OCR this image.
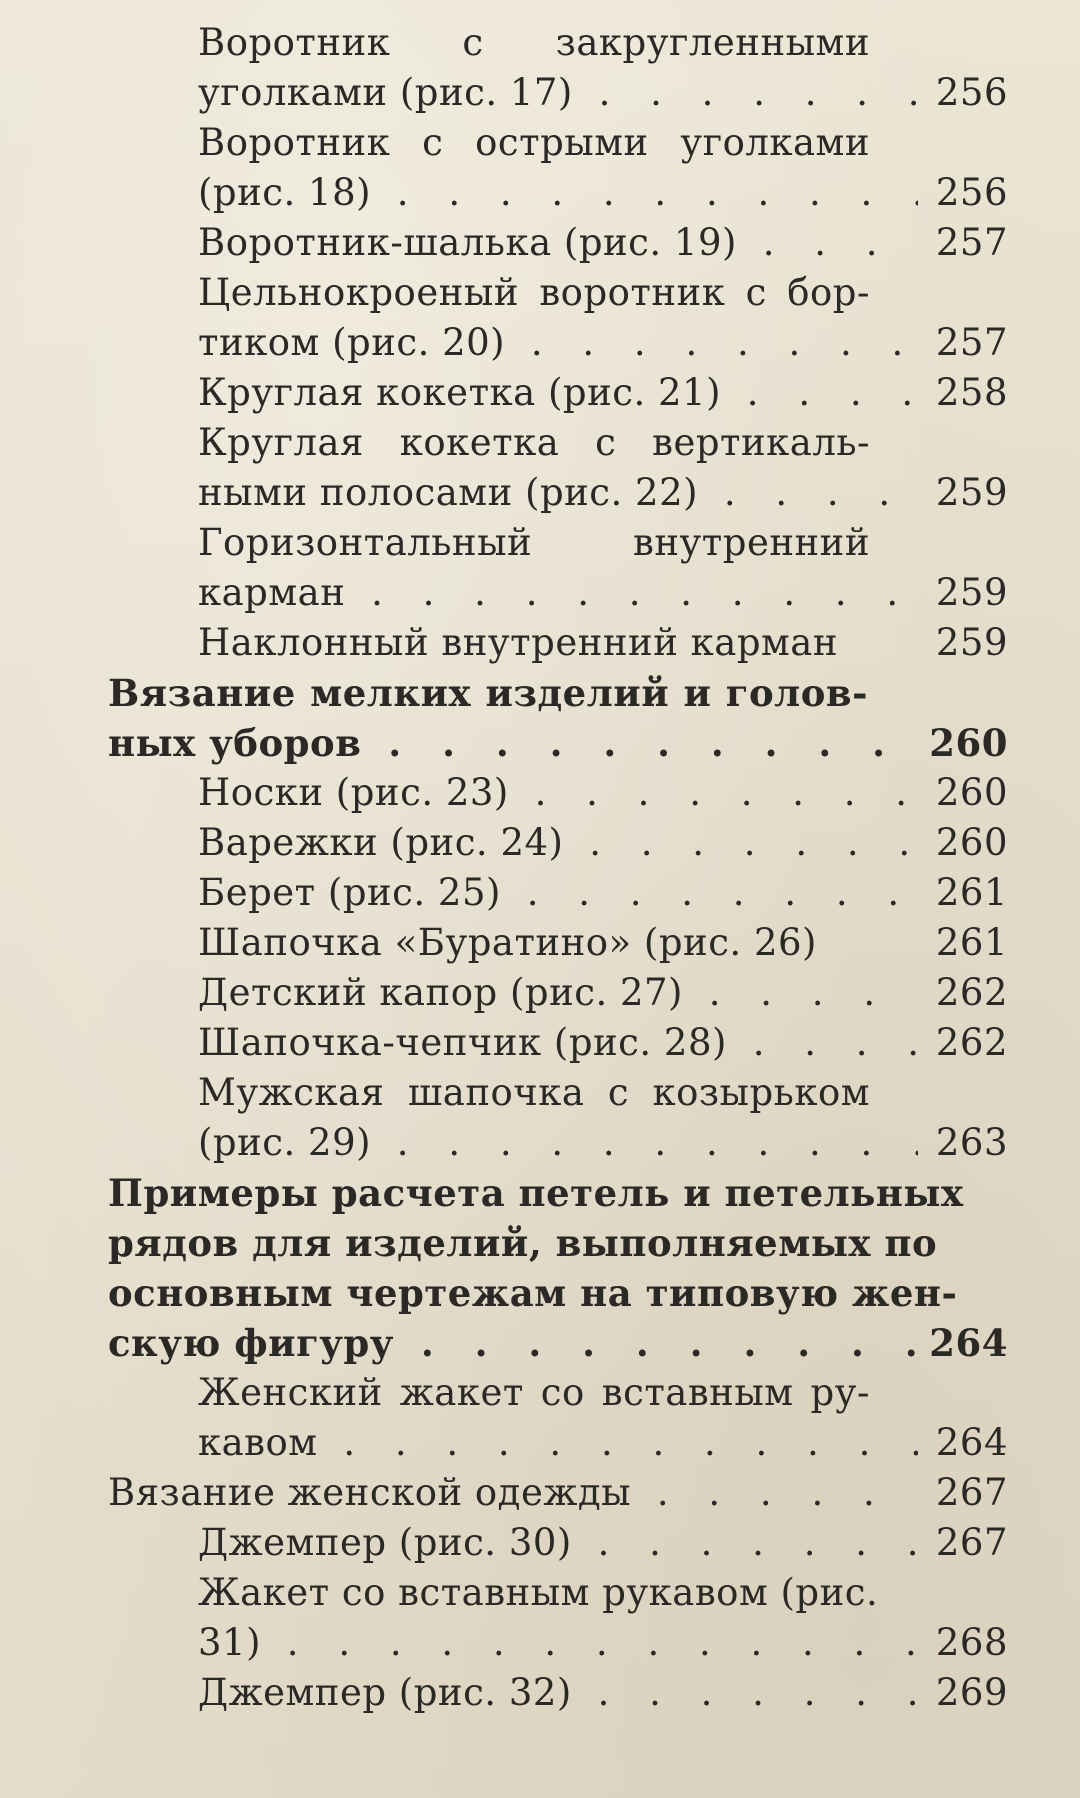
Воротник с закругленными
уголками (рис. 17) . . .	256
Воротник с острыми уголками
(рис. 18) . . .	256
Воротник-шалька (рис. 19) . . .	257
Цельнокроеный воротник с бор-
тиком (рис. 20) . . .	257
Круглая кокетка (рис. 21) . . .	258
Круглая кокетка с вертикаль-
ными полосами (рис. 22) . . .	259
Горизонтальный внутренний
карман . . .	259
Наклонный внутренний карман	259
Вязание мелких изделий и голов-
ных уборов . . .	260
Носки (рис. 23) . . .	260
Варежки (рис. 24) . . .	260
Берет (рис. 25) . . .	261
Шапочка «Буратино» (рис. 26)	261
Детский капор (рис. 27) . . .	262
Шапочка-чепчик (рис. 28) . . .	262
Мужская шапочка с козырьком
(рис. 29) . . .	263
Примеры расчета петель и петельных
рядов для изделий, выполняемых по
основным чертежам на типовую жен-
скую фигуру . . .	264
Женский жакет со вставным ру-
кавом . . .	264
Вязание женской одежды . . .	267
Джемпер (рис. 30) . . .	267
Жакет со вставным рукавом (рис.
31) . . .	268
Джемпер (рис. 32) . . .	269
